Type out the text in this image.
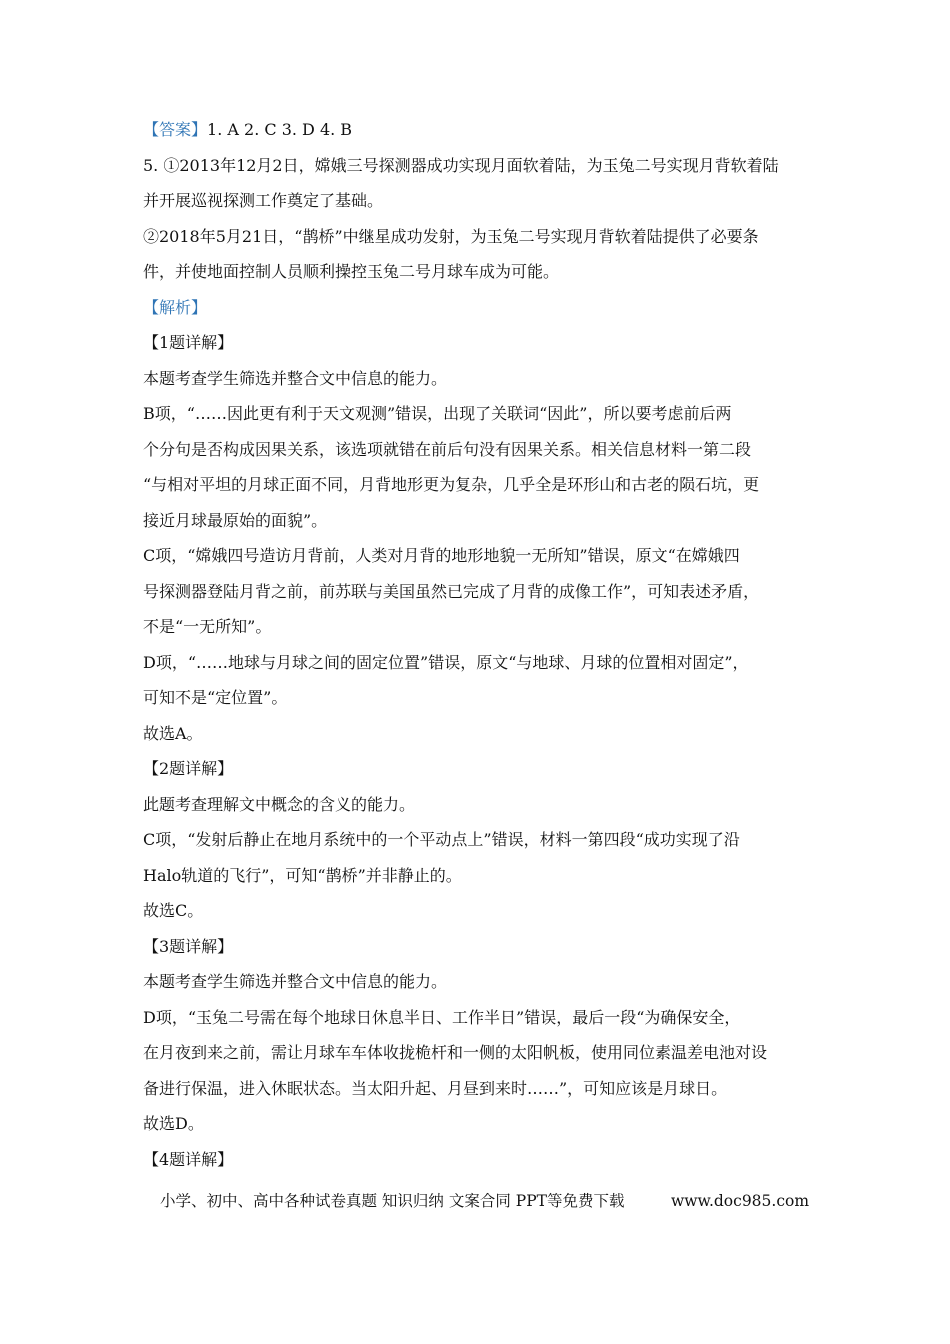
【答案】1. A 2. C 3. D 4. B
5. ①2013年12月2日，嫦娥三号探测器成功实现月面软着陆，为玉兔二号实现月背软着陆
并开展巡视探测工作奠定了基础。
②2018年5月21日，“鹊桥”中继星成功发射，为玉兔二号实现月背软着陆提供了必要条
件，并使地面控制人员顺利操控玉兔二号月球车成为可能。
【解析】
【1题详解】
本题考查学生筛选并整合文中信息的能力。
B项，“……因此更有利于天文观测”错误，出现了关联词“因此”，所以要考虑前后两
个分句是否构成因果关系，该选项就错在前后句没有因果关系。相关信息材料一第二段
“与相对平坦的月球正面不同，月背地形更为复杂，几乎全是环形山和古老的陨石坑，更
接近月球最原始的面貌”。
C项，“嫦娥四号造访月背前，人类对月背的地形地貌一无所知”错误，原文“在嫦娥四
号探测器登陆月背之前，前苏联与美国虽然已完成了月背的成像工作”，可知表述矛盾，
不是“一无所知”。
D项，“……地球与月球之间的固定位置”错误，原文“与地球、月球的位置相对固定”，
可知不是“定位置”。
故选A。
【2题详解】
此题考查理解文中概念的含义的能力。
C项，“发射后静止在地月系统中的一个平动点上”错误，材料一第四段“成功实现了沿
Halo轨道的飞行”，可知“鹊桥”并非静止的。
故选C。
【3题详解】
本题考查学生筛选并整合文中信息的能力。
D项，“玉兔二号需在每个地球日休息半日、工作半日”错误，最后一段“为确保安全，
在月夜到来之前，需让月球车车体收拢桅杆和一侧的太阳帆板，使用同位素温差电池对设
备进行保温，进入休眠状态。当太阳升起、月昼到来时……”，可知应该是月球日。
故选D。
【4题详解】
小学、初中、高中各种试卷真题 知识归纳 文案合同 PPT等免费下载	www.doc985.com
